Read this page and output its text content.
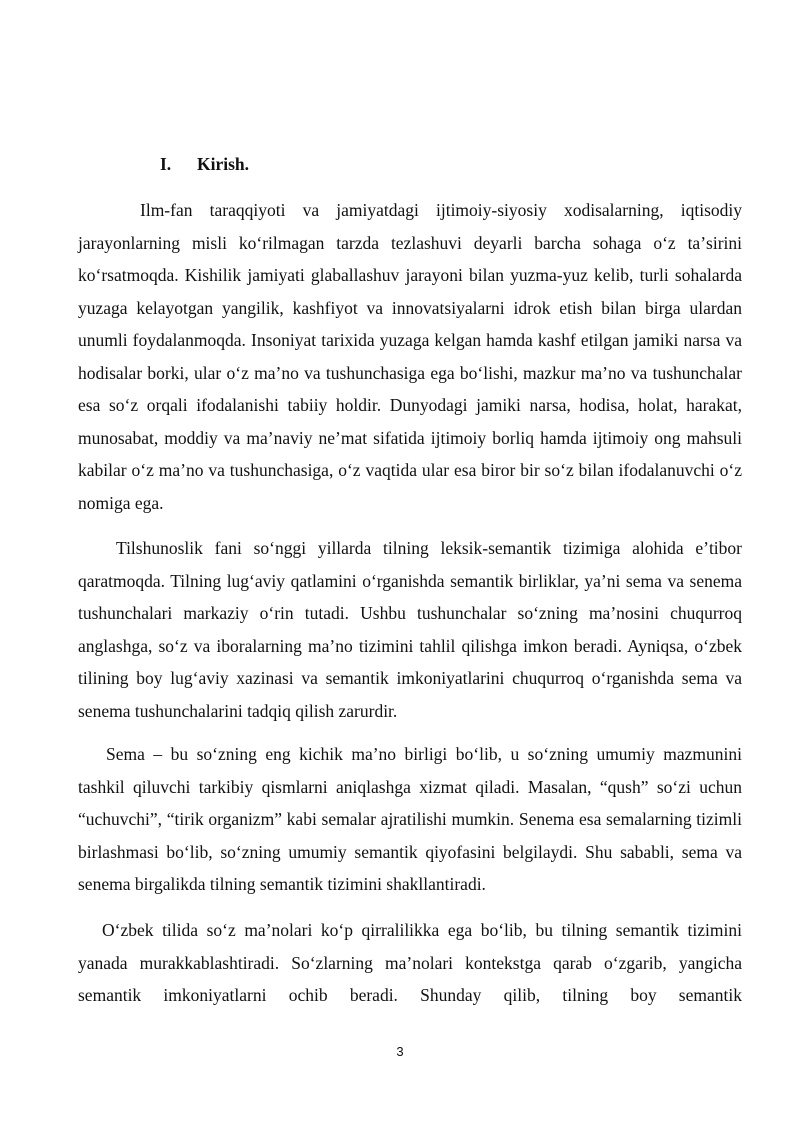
I. Kirish.

Ilm-fan taraqqiyoti va jamiyatdagi ijtimoiy-siyosiy xodisalarning, iqtisodiy jarayonlarning misli koʻrilmagan tarzda tezlashuvi deyarli barcha sohaga oʻz taʼsirini koʻrsatmoqda. Kishilik jamiyati glaballashuv jarayoni bilan yuzma-yuz kelib, turli sohalarda yuzaga kelayotgan yangilik, kashfiyot va innovatsiyalarni idrok etish bilan birga ulardan unumli foydalanmoqda. Insoniyat tarixida yuzaga kelgan hamda kashf etilgan jamiki narsa va hodisalar borki, ular oʻz maʼno va tushunchasiga ega boʻlishi, mazkur maʼno va tushunchalar esa soʻz orqali ifodalanishi tabiiy holdir. Dunyodagi jamiki narsa, hodisa, holat, harakat, munosabat, moddiy va maʼnaviy neʼmat sifatida ijtimoiy borliq hamda ijtimoiy ong mahsuli kabilar oʻz maʼno va tushunchasiga, oʻz vaqtida ular esa biror bir soʻz bilan ifodalanuvchi oʻz nomiga ega.

Tilshunoslik fani soʻnggi yillarda tilning leksik-semantik tizimiga alohida eʼtibor qaratmoqda. Tilning lugʻaviy qatlamini oʻrganishda semantik birliklar, yaʼni sema va senema tushunchalari markaziy oʻrin tutadi. Ushbu tushunchalar soʻzning maʼnosini chuqurroq anglashga, soʻz va iboralarning maʼno tizimini tahlil qilishga imkon beradi. Ayniqsa, oʻzbek tilining boy lugʻaviy xazinasi va semantik imkoniyatlarini chuqurroq oʻrganishda sema va senema tushunchalarini tadqiq qilish zarurdir.

Sema – bu soʻzning eng kichik maʼno birligi boʻlib, u soʻzning umumiy mazmunini tashkil qiluvchi tarkibiy qismlarni aniqlashga xizmat qiladi. Masalan, “qush” soʻzi uchun “uchuvchi”, “tirik organizm” kabi semalar ajratilishi mumkin. Senema esa semalarning tizimli birlashmasi boʻlib, soʻzning umumiy semantik qiyofasini belgilaydi. Shu sababli, sema va senema birgalikda tilning semantik tizimini shakllantiradi.

Oʻzbek tilida soʻz maʼnolari koʻp qirralilikka ega boʻlib, bu tilning semantik tizimini yanada murakkablashtiradi. Soʻzlarning maʼnolari kontekstga qarab oʻzgarib, yangicha semantik imkoniyatlarni ochib beradi. Shunday qilib, tilning boy semantik

3
